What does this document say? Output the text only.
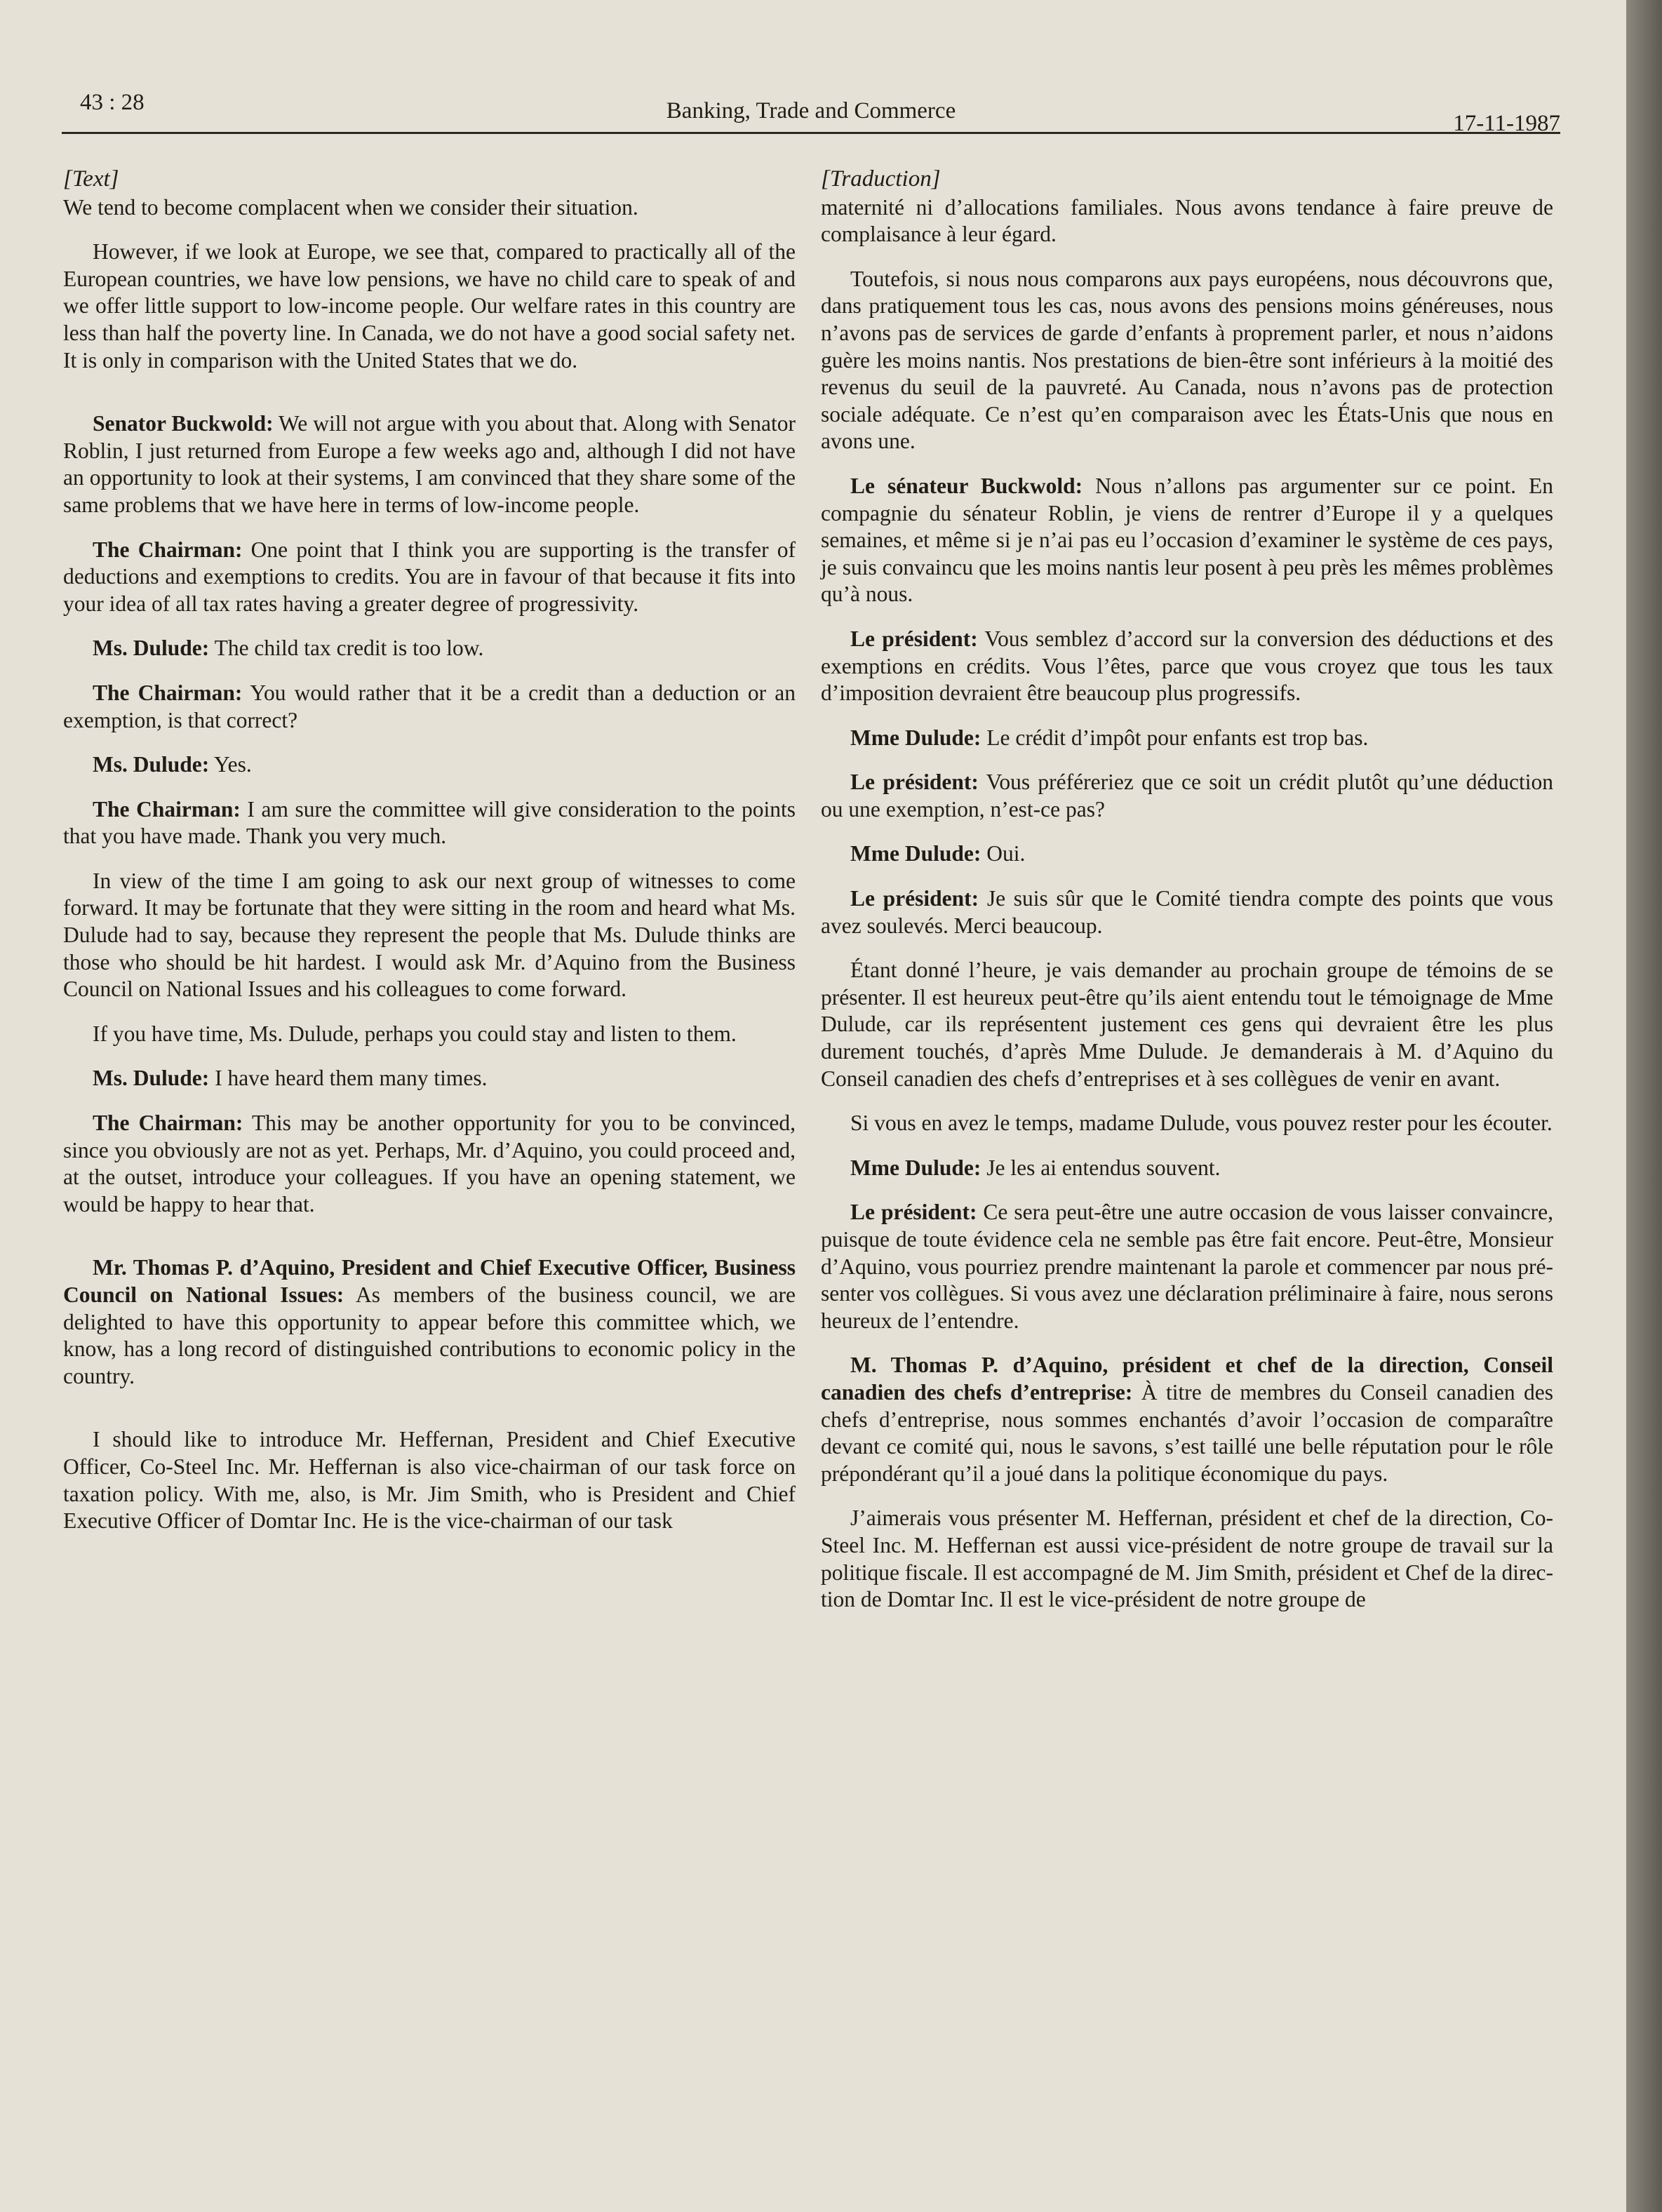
43 : 28	Banking, Trade and Commerce	17-11-1987
[Text]

We tend to become complacent when we consider their situation.

However, if we look at Europe, we see that, compared to practically all of the European countries, we have low pensions, we have no child care to speak of and we offer little support to low-income people. Our welfare rates in this country are less than half the poverty line. In Canada, we do not have a good social safety net. It is only in comparison with the United States that we do.

Senator Buckwold: We will not argue with you about that. Along with Senator Roblin, I just returned from Europe a few weeks ago and, although I did not have an opportunity to look at their systems, I am convinced that they share some of the same problems that we have here in terms of low-income people.

The Chairman: One point that I think you are supporting is the transfer of deductions and exemptions to credits. You are in favour of that because it fits into your idea of all tax rates having a greater degree of progressivity.

Ms. Dulude: The child tax credit is too low.

The Chairman: You would rather that it be a credit than a deduction or an exemption, is that correct?

Ms. Dulude: Yes.

The Chairman: I am sure the committee will give consideration to the points that you have made. Thank you very much.

In view of the time I am going to ask our next group of witnesses to come forward. It may be fortunate that they were sitting in the room and heard what Ms. Dulude had to say, because they represent the people that Ms. Dulude thinks are those who should be hit hardest. I would ask Mr. d’Aquino from the Business Council on National Issues and his colleagues to come forward.

If you have time, Ms. Dulude, perhaps you could stay and listen to them.

Ms. Dulude: I have heard them many times.

The Chairman: This may be another opportunity for you to be convinced, since you obviously are not as yet. Perhaps, Mr. d’Aquino, you could proceed and, at the outset, introduce your colleagues. If you have an opening statement, we would be happy to hear that.

Mr. Thomas P. d’Aquino, President and Chief Executive Officer, Business Council on National Issues: As members of the business council, we are delighted to have this opportunity to appear before this committee which, we know, has a long record of distinguished contributions to economic policy in the country.

I should like to introduce Mr. Heffernan, President and Chief Executive Officer, Co-Steel Inc. Mr. Heffernan is also vice-chairman of our task force on taxation policy. With me, also, is Mr. Jim Smith, who is President and Chief Executive Officer of Domtar Inc. He is the vice-chairman of our task

[Traduction]

maternité ni d’allocations familiales. Nous avons tendance à faire preuve de complaisance à leur égard.

Toutefois, si nous nous comparons aux pays européens, nous découvrons que, dans pratiquement tous les cas, nous avons des pensions moins généreuses, nous n’avons pas de services de garde d’enfants à proprement parler, et nous n’aidons guère les moins nantis. Nos prestations de bien-être sont inférieurs à la moitié des revenus du seuil de la pauvreté. Au Canada, nous n’avons pas de protection sociale adéquate. Ce n’est qu’en comparaison avec les États-Unis que nous en avons une.

Le sénateur Buckwold: Nous n’allons pas argumenter sur ce point. En compagnie du sénateur Roblin, je viens de rentrer d’Europe il y a quelques semaines, et même si je n’ai pas eu l’occasion d’examiner le système de ces pays, je suis convaincu que les moins nantis leur posent à peu près les mêmes problèmes qu’à nous.

Le président: Vous semblez d’accord sur la conversion des déductions et des exemptions en crédits. Vous l’êtes, parce que vous croyez que tous les taux d’imposition devraient être beaucoup plus progressifs.

Mme Dulude: Le crédit d’impôt pour enfants est trop bas.

Le président: Vous préféreriez que ce soit un crédit plutôt qu’une déduction ou une exemption, n’est-ce pas?

Mme Dulude: Oui.

Le président: Je suis sûr que le Comité tiendra compte des points que vous avez soulevés. Merci beaucoup.

Étant donné l’heure, je vais demander au prochain groupe de témoins de se présenter. Il est heureux peut-être qu’ils aient entendu tout le témoignage de Mme Dulude, car ils représentent justement ces gens qui devraient être les plus durement touchés, d’après Mme Dulude. Je demanderais à M. d’Aquino du Conseil canadien des chefs d’entreprises et à ses collègues de venir en avant.

Si vous en avez le temps, madame Dulude, vous pouvez rester pour les écouter.

Mme Dulude: Je les ai entendus souvent.

Le président: Ce sera peut-être une autre occasion de vous laisser convaincre, puisque de toute évidence cela ne semble pas être fait encore. Peut-être, Monsieur d’Aquino, vous pourriez prendre maintenant la parole et commencer par nous présenter vos collègues. Si vous avez une déclaration préliminaire à faire, nous serons heureux de l’entendre.

M. Thomas P. d’Aquino, président et chef de la direction, Conseil canadien des chefs d’entreprise: À titre de membres du Conseil canadien des chefs d’entreprise, nous sommes enchantés d’avoir l’occasion de comparaître devant ce comité qui, nous le savons, s’est taillé une belle réputation pour le rôle prépondérant qu’il a joué dans la politique économique du pays.

J’aimerais vous présenter M. Heffernan, président et chef de la direction, Co-Steel Inc. M. Heffernan est aussi vice-président de notre groupe de travail sur la politique fiscale. Il est accompagné de M. Jim Smith, président et Chef de la direction de Domtar Inc. Il est le vice-président de notre groupe de
